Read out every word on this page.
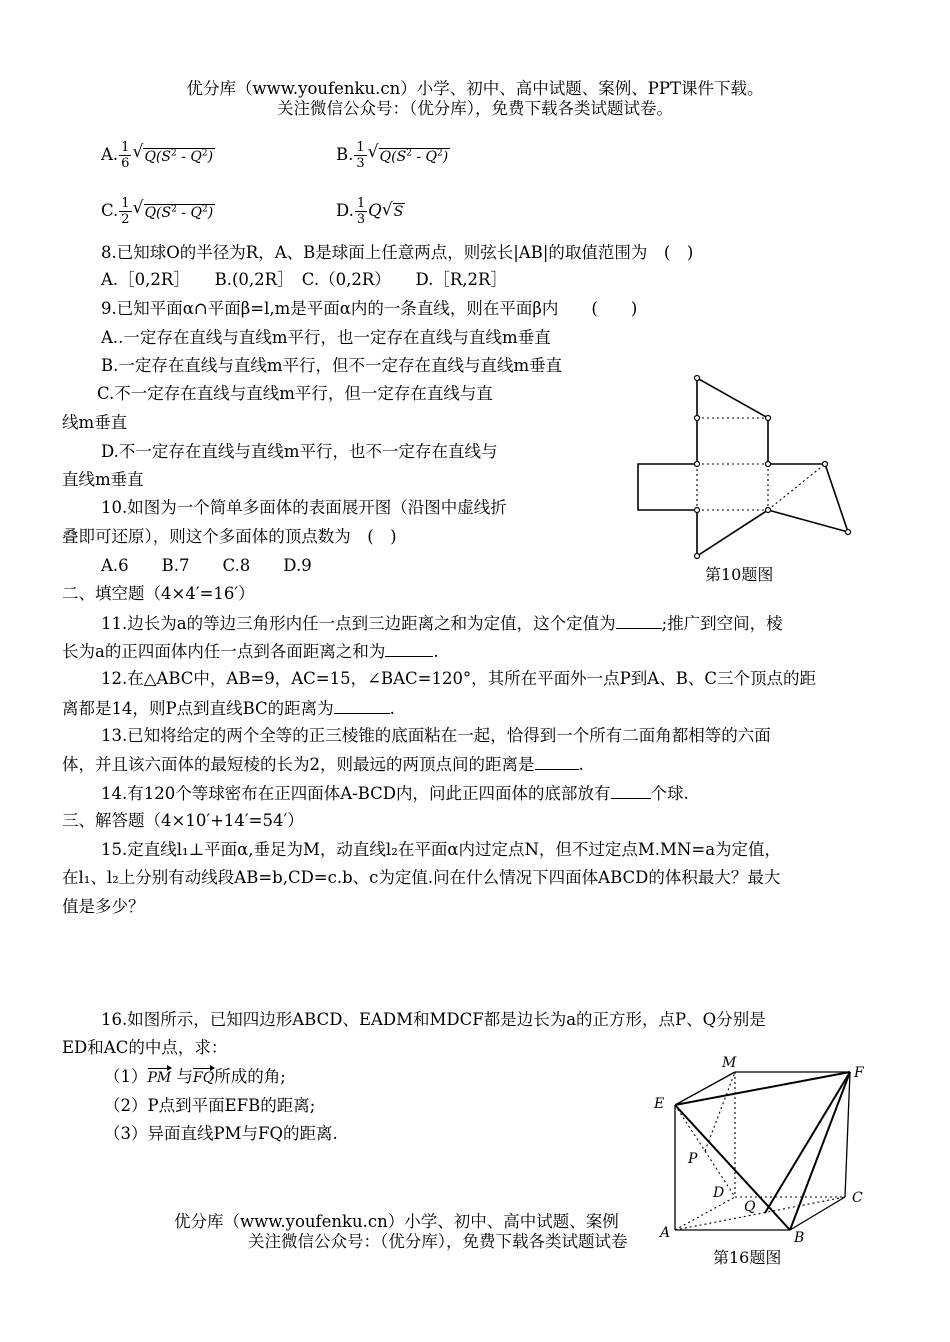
优分库（www.youfenku.cn）小学、初中、高中试题、案例、PPT课件下载。
关注微信公众号：（优分库），免费下载各类试题试卷。
A. $\frac{1}{6}$ √ $Q(S^2 - Q^2)$	B. $\frac{1}{3}$ √ $Q(S^2 - Q^2)$
C. $\frac{1}{2}$ √ $Q(S^2 - Q^2)$	D. $\frac{1}{3}$ Q √ S
8.已知球O的半径为R，A、B是球面上任意两点，则弦长|AB|的取值范围为　(　)
A.［0,2R］　　B.(0,2R］　C.（0,2R）　　D.［R,2R］
9.已知平面α∩平面β=l,m是平面α内的一条直线，则在平面β内　　(　　)
A..一定存在直线与直线m平行，也一定存在直线与直线m垂直
B.一定存在直线与直线m平行，但不一定存在直线与直线m垂直
C.不一定存在直线与直线m平行，但一定存在直线与直
线m垂直
D.不一定存在直线与直线m平行，也不一定存在直线与
直线m垂直
10.如图为一个简单多面体的表面展开图（沿图中虚线折
叠即可还原），则这个多面体的顶点数为　(　)
A.6　　B.7　　C.8　　D.9	第10题图
二、填空题（4×4′=16′）
11.边长为a的等边三角形内任一点到三边距离之和为定值，这个定值为	;推广到空间，棱
长为a的正四面体内任一点到各面距离之和为	.
12.在△ABC中，AB=9，AC=15，∠BAC=120°，其所在平面外一点P到A、B、C三个顶点的距
离都是14，则P点到直线BC的距离为	.
13.已知将给定的两个全等的正三棱锥的底面粘在一起，恰得到一个所有二面角都相等的六面
体，并且该六面体的最短棱的长为2，则最远的两顶点间的距离是	.
14.有120个等球密布在正四面体A-BCD内，问此正四面体的底部放有 个球.
三、解答题（4×10′+14′=54′）
15.定直线l₁⊥平面α,垂足为M，动直线l₂在平面α内过定点N，但不过定点M.MN=a为定值，
在l₁、l₂上分别有动线段AB=b,CD=c.b、c为定值.问在什么情况下四面体ABCD的体积最大？最大
值是多少？
16.如图所示，已知四边形ABCD、EADM和MDCF都是边长为a的正方形，点P、Q分别是
ED和AC的中点，求：
（1）PM 与FQ所成的角;
（2）P点到平面EFB的距离;
（3）异面直线PM与FQ的距离.
M
F
E
P
D	C
Q
A	B
优分库（www.youfenku.cn）小学、初中、高中试题、案例
关注微信公众号：（优分库），免费下载各类试题试卷
第16题图
